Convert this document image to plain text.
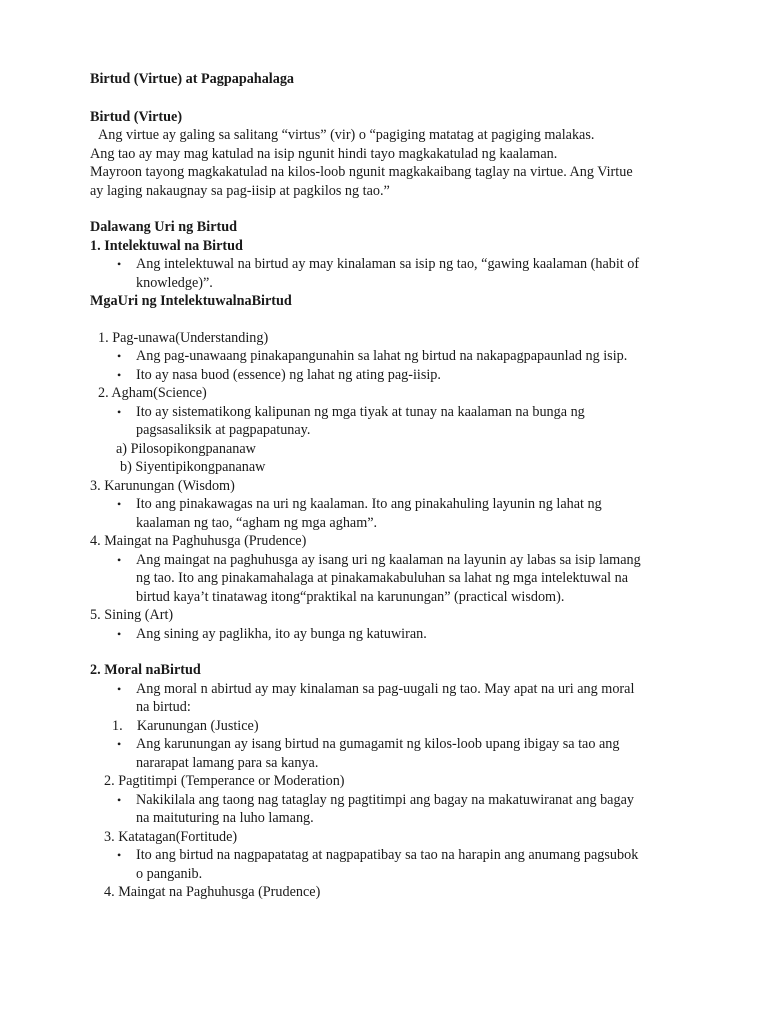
Birtud (Virtue) at Pagpapahalaga

Birtud (Virtue)

Ang virtue ay galing sa salitang “virtus” (vir) o “pagiging matatag at pagiging malakas.

Ang tao ay may mag katulad na isip ngunit hindi tayo magkakatulad ng kaalaman.

Mayroon tayong magkakatulad na kilos-loob ngunit magkakaibang taglay na virtue. Ang Virtue

ay laging nakaugnay sa pag-iisip at pagkilos ng tao.”

Dalawang Uri ng Birtud

1. Intelektuwal na Birtud

• Ang intelektuwal na birtud ay may kinalaman sa isip ng tao, “gawing kaalaman (habit of
knowledge)”.

MgaUri ng IntelektuwalnaBirtud

1. Pag-unawa(Understanding)

• Ang pag-unawaang pinakapangunahin sa lahat ng birtud na nakapagpapaunlad ng isip.
• Ito ay nasa buod (essence) ng lahat ng ating pag-iisip.

2. Agham(Science)

• Ito ay sistematikong kalipunan ng mga tiyak at tunay na kaalaman na bunga ng
pagsasaliksik at pagpapatunay.

a) Pilosopikongpananaw

b) Siyentipikongpananaw

3. Karunungan (Wisdom)

• Ito ang pinakawagas na uri ng kaalaman. Ito ang pinakahuling layunin ng lahat ng
kaalaman ng tao, “agham ng mga agham”.

4. Maingat na Paghuhusga (Prudence)

• Ang maingat na paghuhusga ay isang uri ng kaalaman na layunin ay labas sa isip lamang
ng tao. Ito ang pinakamahalaga at pinakamakabuluhan sa lahat ng mga intelektuwal na
birtud kaya’t tinatawag itong“praktikal na karunungan” (practical wisdom).

5. Sining (Art)

• Ang sining ay paglikha, ito ay bunga ng katuwiran.

2. Moral naBirtud

• Ang moral n abirtud ay may kinalaman sa pag-uugali ng tao. May apat na uri ang moral
na birtud:

1.    Karunungan (Justice)

• Ang karunungan ay isang birtud na gumagamit ng kilos-loob upang ibigay sa tao ang
nararapat lamang para sa kanya.

2. Pagtitimpi (Temperance or Moderation)

• Nakikilala ang taong nag tataglay ng pagtitimpi ang bagay na makatuwiranat ang bagay
na maituturing na luho lamang.

3. Katatagan(Fortitude)

• Ito ang birtud na nagpapatatag at nagpapatibay sa tao na harapin ang anumang pagsubok
o panganib.

4. Maingat na Paghuhusga (Prudence)
